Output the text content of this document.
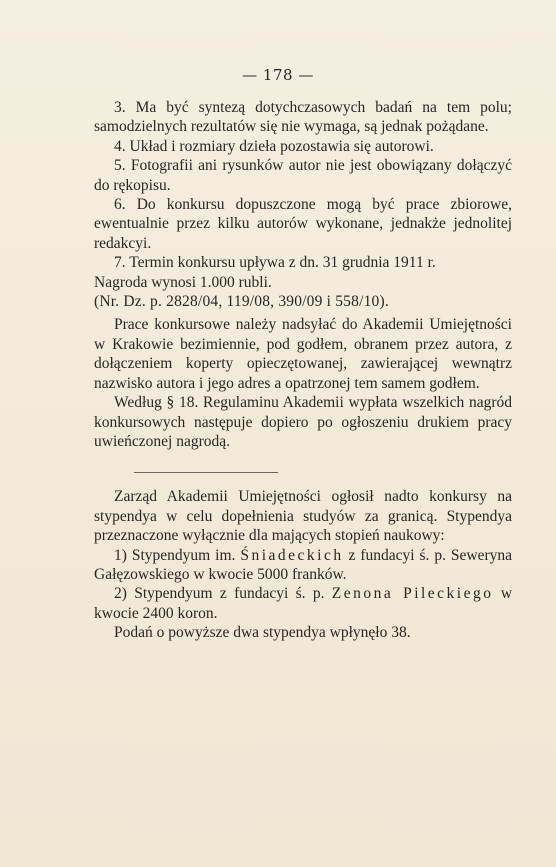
— 178 —

3. Ma być syntezą dotychczasowych badań na tem polu; samodzielnych rezultatów się nie wymaga, są jednak pożądane.

4. Układ i rozmiary dzieła pozostawia się autorowi.

5. Fotografii ani rysunków autor nie jest obowiązany dołączyć do rękopisu.

6. Do konkursu dopuszczone mogą być prace zbiorowe, ewentualnie przez kilku autorów wykonane, jednakże jednolitej redakcyi.

7. Termin konkursu upływa z dn. 31 grudnia 1911 r.

Nagroda wynosi 1.000 rubli.

(Nr. Dz. p. 2828/04, 119/08, 390/09 i 558/10).

Prace konkursowe należy nadsyłać do Akademii Umiejętności w Krakowie bezimiennie, pod godłem, obranem przez autora, z dołączeniem koperty opieczętowanej, zawierającej wewnątrz nazwisko autora i jego adres a opatrzonej tem samem godłem.

Według § 18. Regulaminu Akademii wypłata wszelkich nagród konkursowych następuje dopiero po ogłoszeniu drukiem pracy uwieńczonej nagrodą.

Zarząd Akademii Umiejętności ogłosił nadto konkursy na stypendya w celu dopełnienia studyów za granicą. Stypendya przeznaczone wyłącznie dla mających stopień naukowy:

1) Stypendyum im. Śniadeckich z fundacyi ś. p. Seweryna Gałęzowskiego w kwocie 5000 franków.

2) Stypendyum z fundacyi ś. p. Zenona Pileckiego w kwocie 2400 koron.

Podań o powyższe dwa stypendya wpłynęło 38.
